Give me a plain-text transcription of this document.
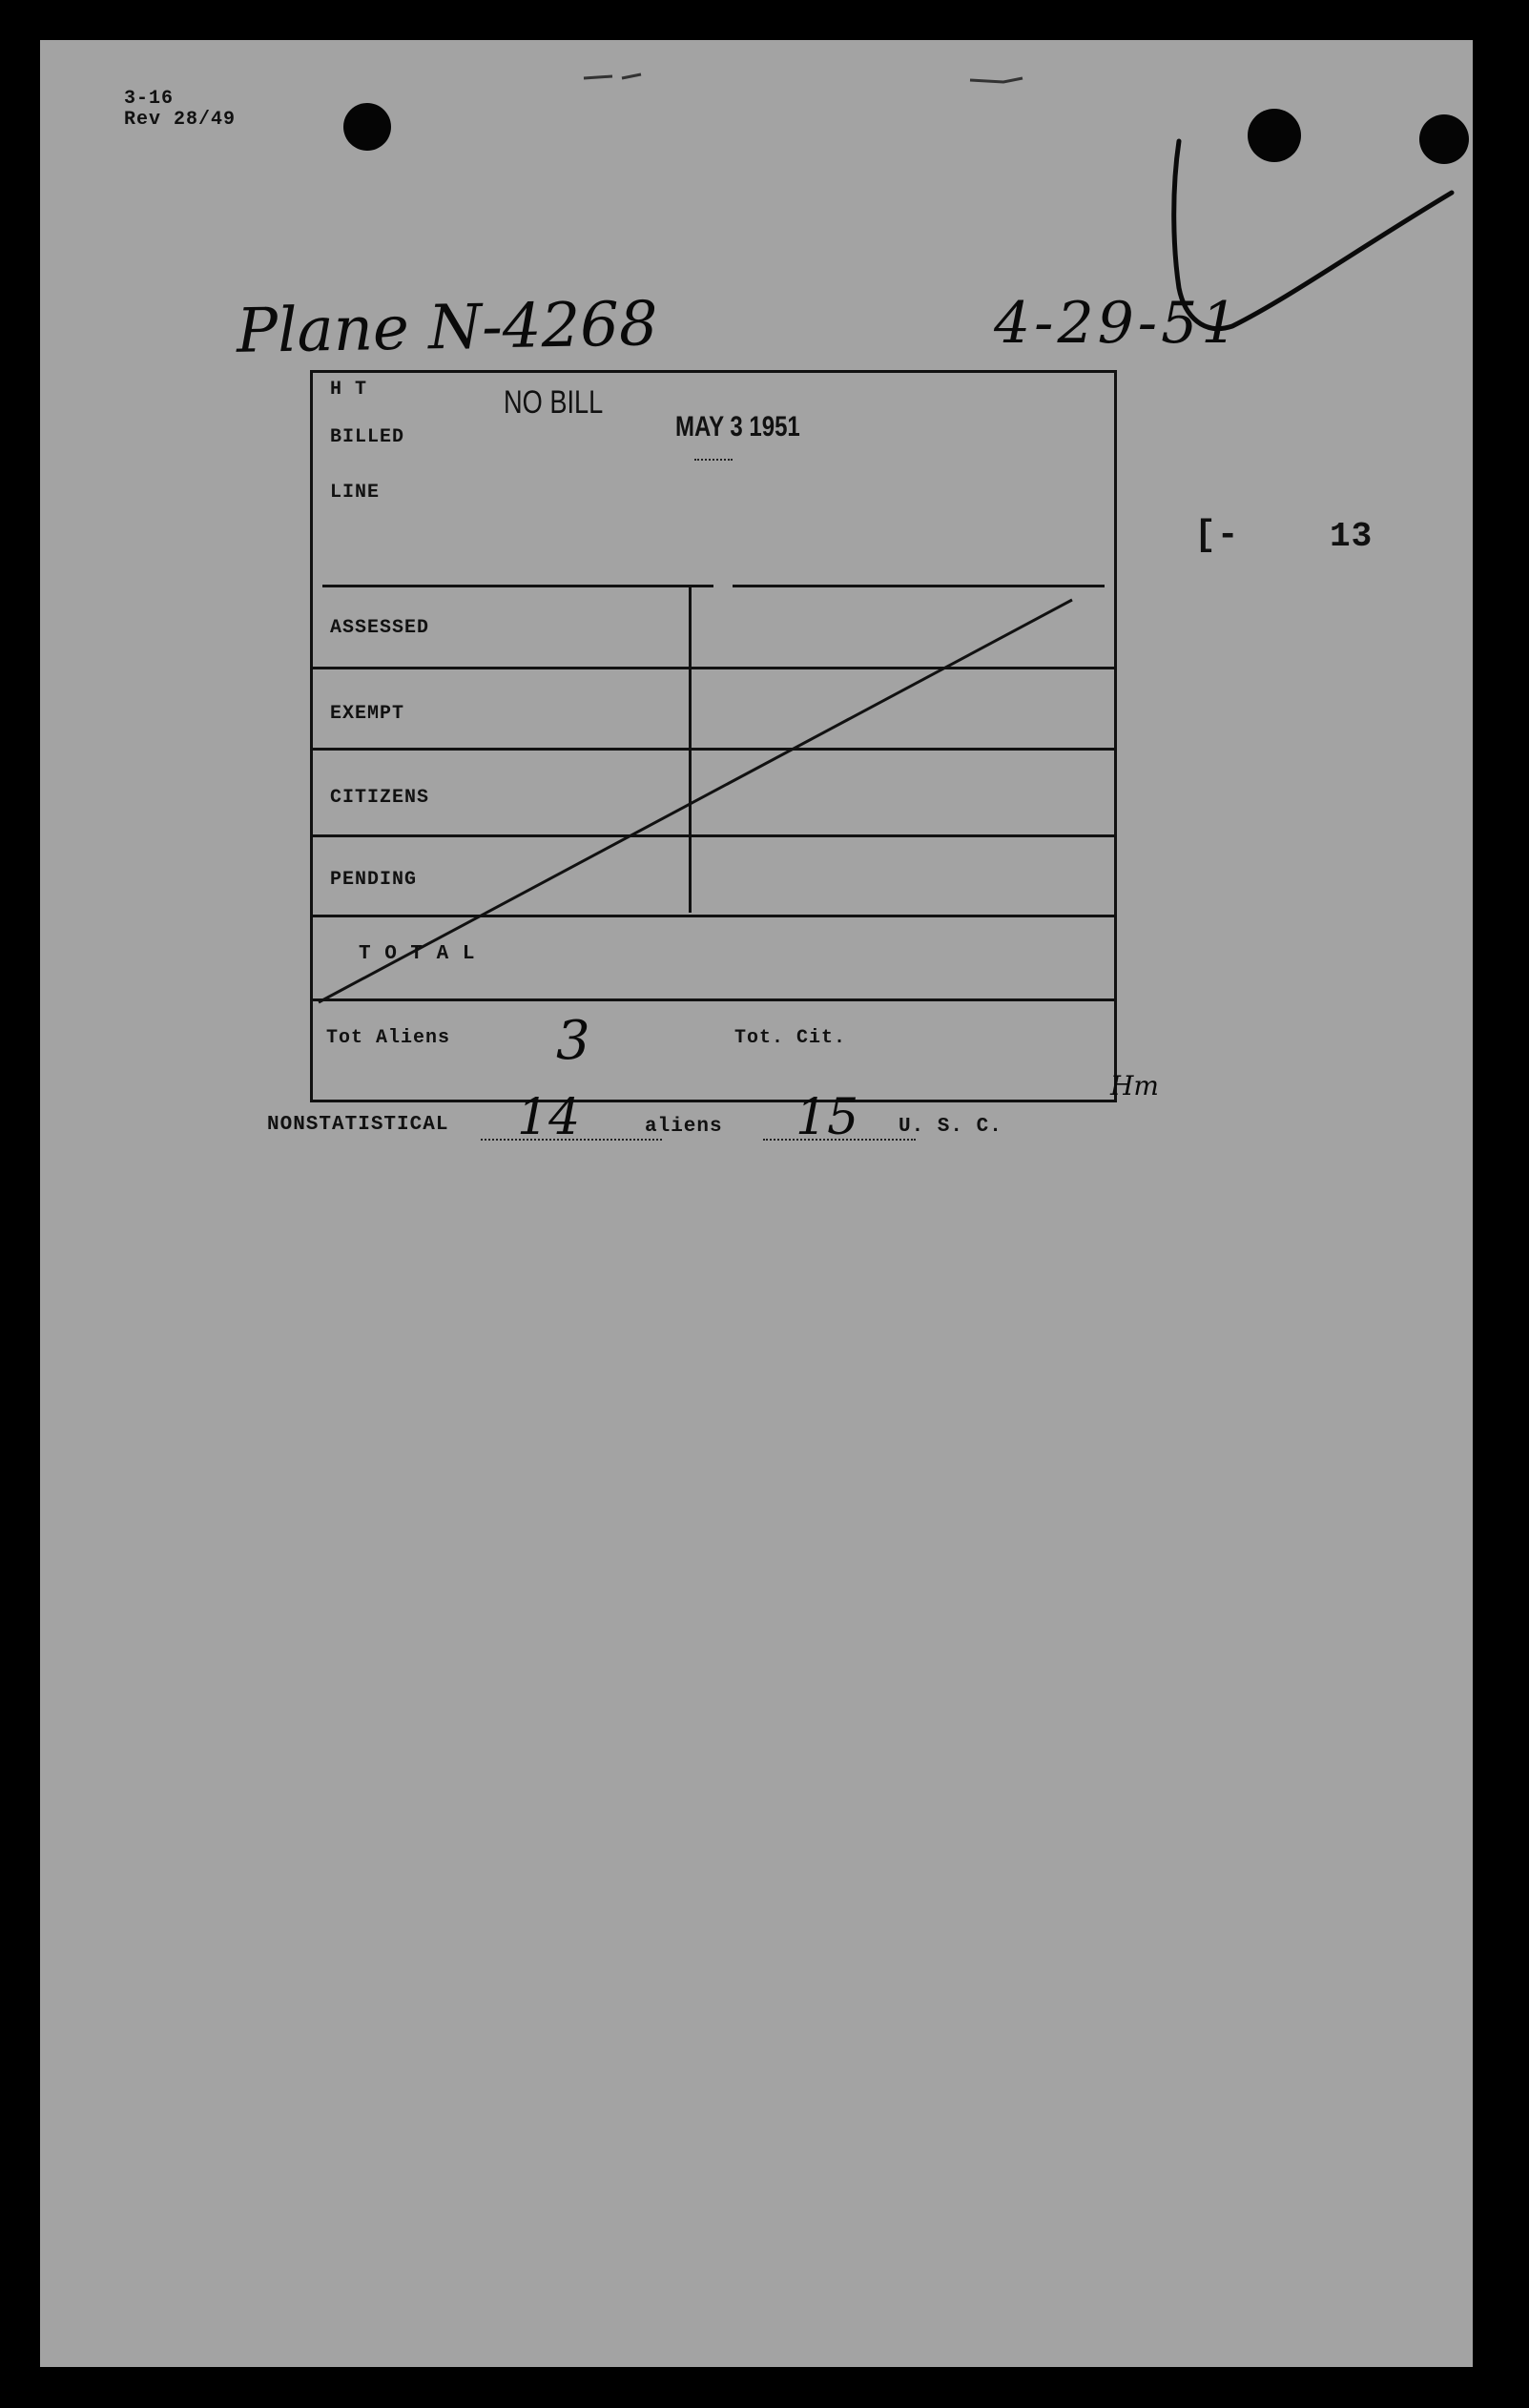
3-16
Rev 28/49
Plane N-4268	4-29-51
[-	13
H T
BILLED
LINE
NO BILL
MAY 3 1951
ASSESSED
EXEMPT
CITIZENS
PENDING
T O T A L
Tot Aliens 3	Tot. Cit.
Hm
NONSTATISTICAL 14	aliens 15 U. S. C.
